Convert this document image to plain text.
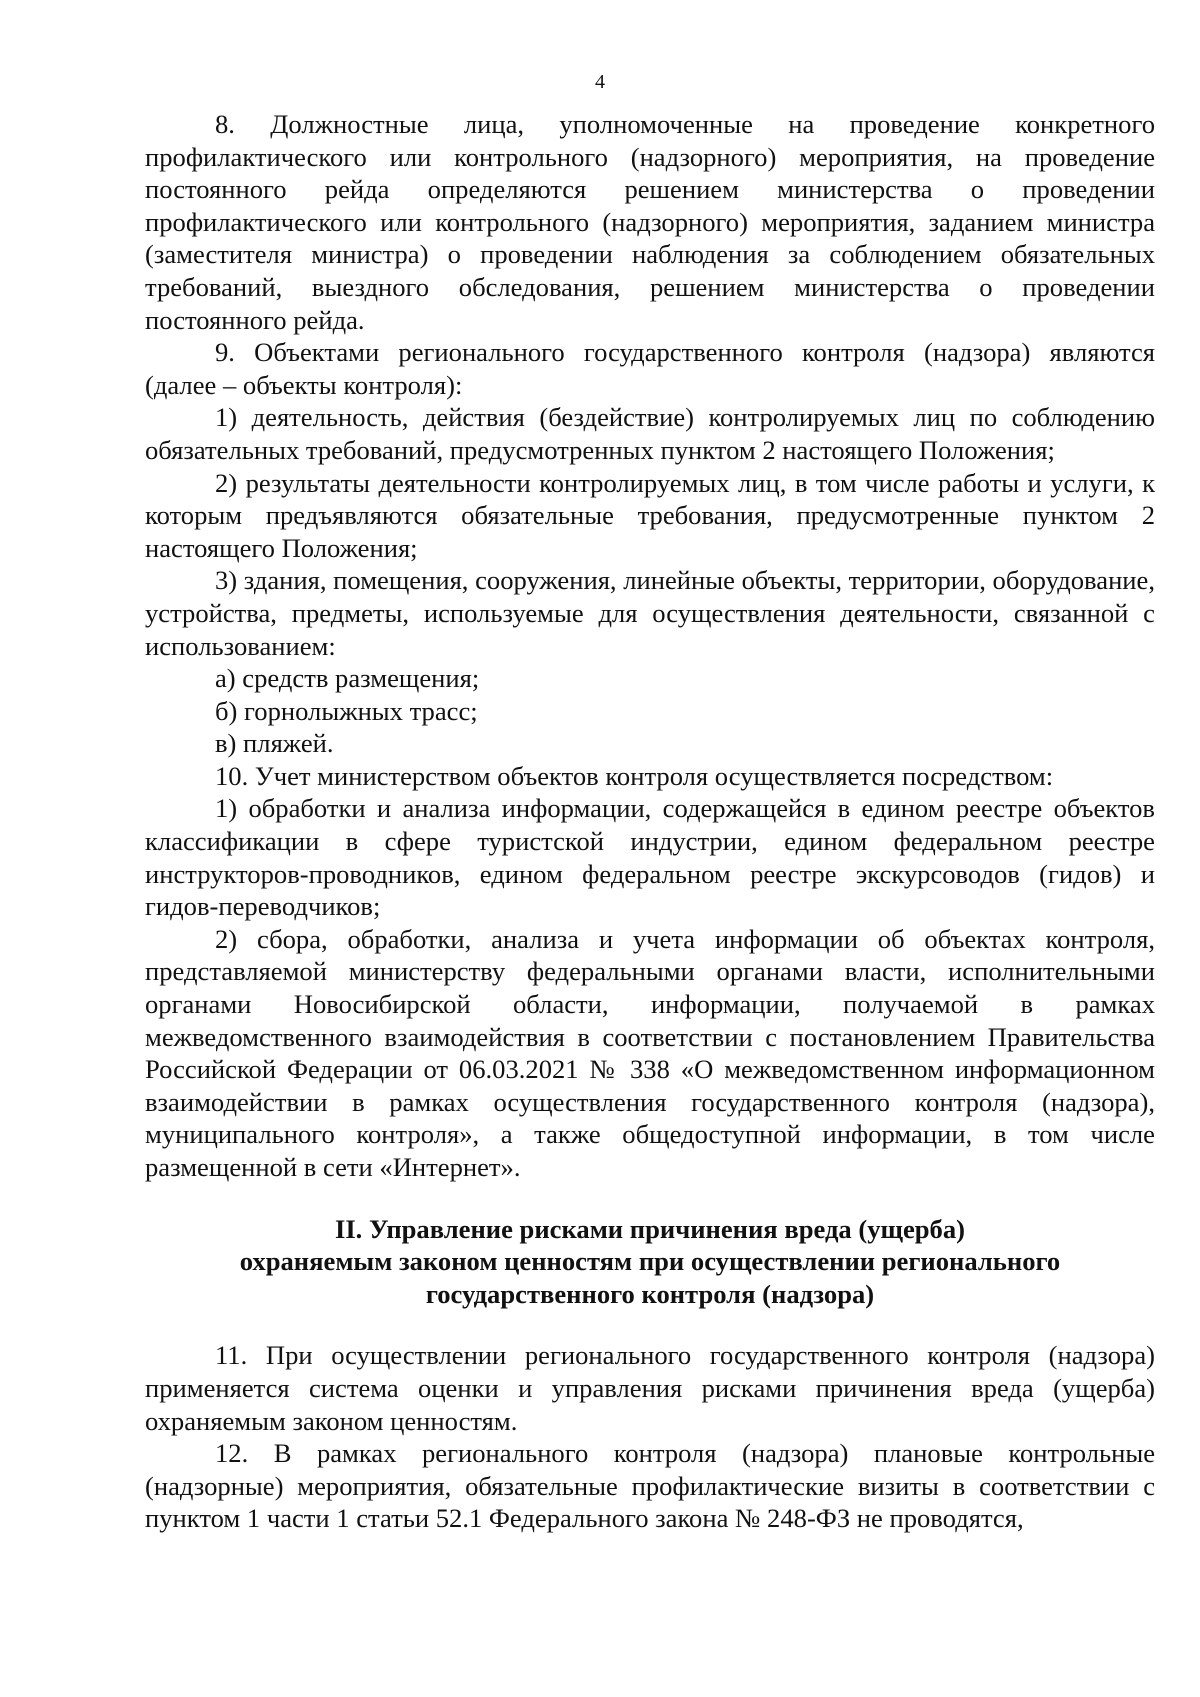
4

8. Должностные лица, уполномоченные на проведение конкретного профилактического или контрольного (надзорного) мероприятия, на проведение постоянного рейда определяются решением министерства о проведении профилактического или контрольного (надзорного) мероприятия, заданием министра (заместителя министра) о проведении наблюдения за соблюдением обязательных требований, выездного обследования, решением министерства о проведении постоянного рейда.

9. Объектами регионального государственного контроля (надзора) являются (далее – объекты контроля):

1) деятельность, действия (бездействие) контролируемых лиц по соблюдению обязательных требований, предусмотренных пунктом 2 настоящего Положения;

2) результаты деятельности контролируемых лиц, в том числе работы и услуги, к которым предъявляются обязательные требования, предусмотренные пунктом 2 настоящего Положения;

3) здания, помещения, сооружения, линейные объекты, территории, оборудование, устройства, предметы, используемые для осуществления деятельности, связанной с использованием:

а) средств размещения;

б) горнолыжных трасс;

в) пляжей.

10. Учет министерством объектов контроля осуществляется посредством:

1) обработки и анализа информации, содержащейся в едином реестре объектов классификации в сфере туристской индустрии, едином федеральном реестре инструкторов-проводников, едином федеральном реестре экскурсоводов (гидов) и гидов-переводчиков;

2) сбора, обработки, анализа и учета информации об объектах контроля, представляемой министерству федеральными органами власти, исполнительными органами Новосибирской области, информации, получаемой в рамках межведомственного взаимодействия в соответствии с постановлением Правительства Российской Федерации от 06.03.2021 № 338 «О межведомственном информационном взаимодействии в рамках осуществления государственного контроля (надзора), муниципального контроля», а также общедоступной информации, в том числе размещенной в сети «Интернет».

II. Управление рисками причинения вреда (ущерба)

охраняемым законом ценностям при осуществлении регионального

государственного контроля (надзора)

11. При осуществлении регионального государственного контроля (надзора) применяется система оценки и управления рисками причинения вреда (ущерба) охраняемым законом ценностям.

12. В рамках регионального контроля (надзора) плановые контрольные (надзорные) мероприятия, обязательные профилактические визиты в соответствии с пунктом 1 части 1 статьи 52.1 Федерального закона № 248-ФЗ не проводятся,
